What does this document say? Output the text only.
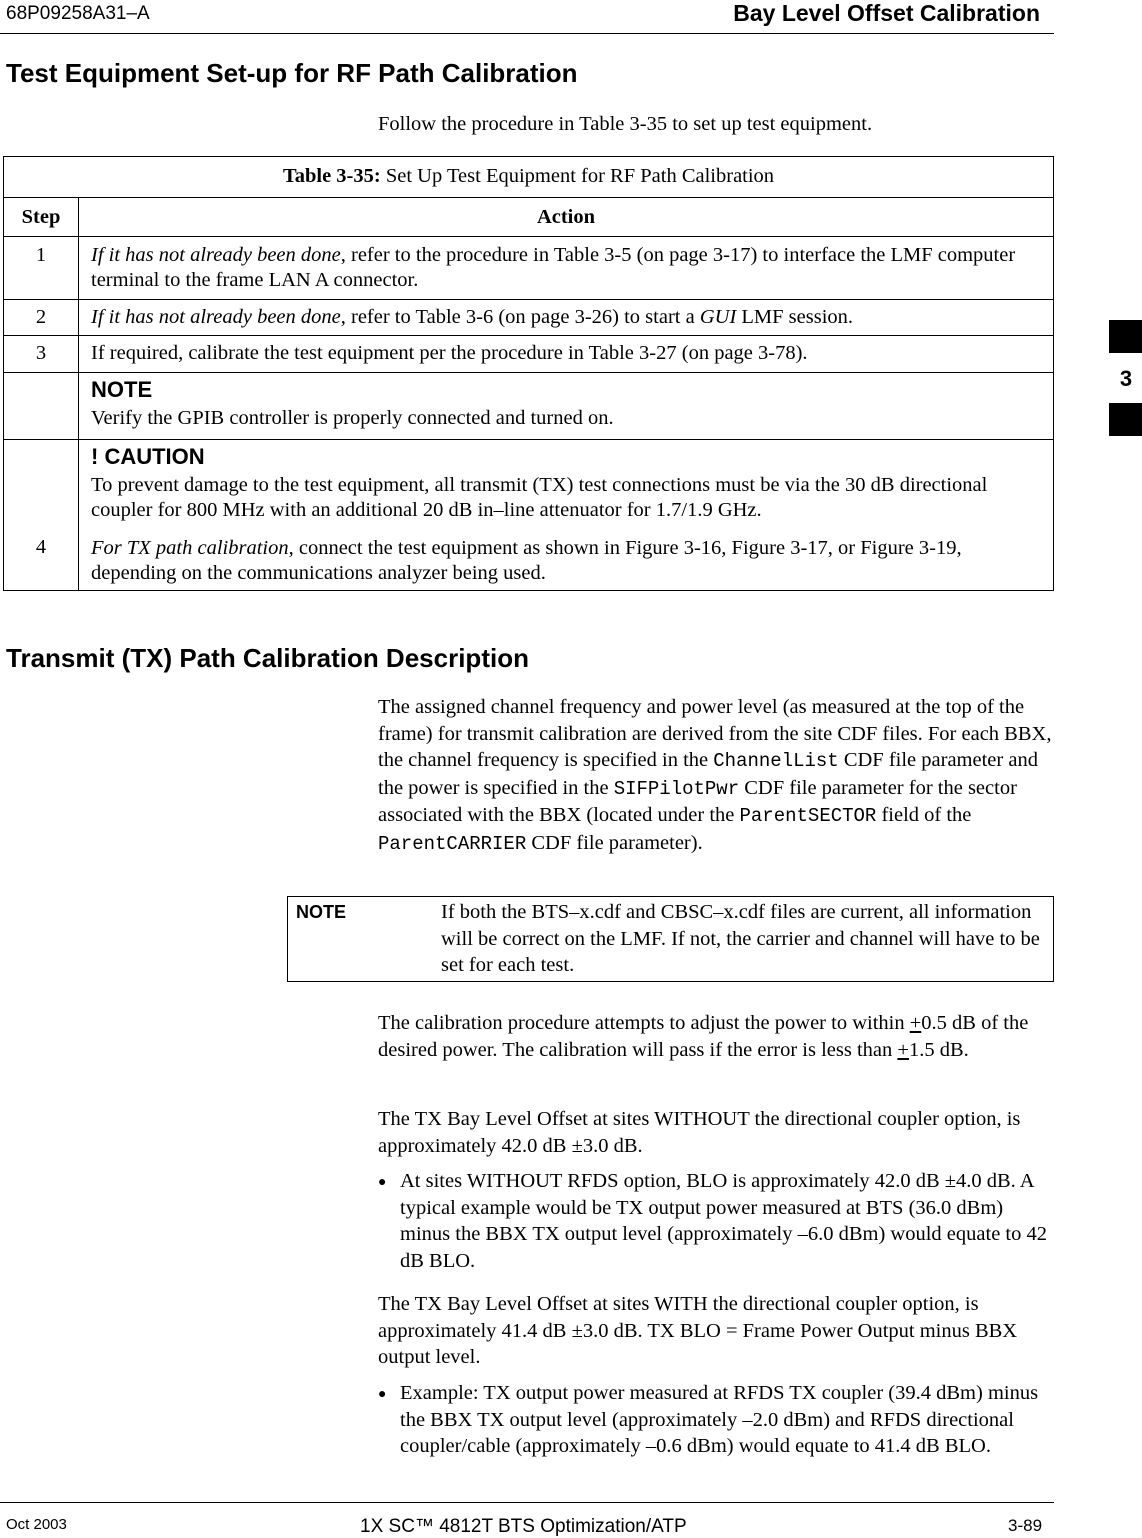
68P09258A31–A	Bay Level Offset Calibration
Test Equipment Set-up for RF Path Calibration
Follow the procedure in Table 3-35 to set up test equipment.
Table 3-35: Set Up Test Equipment for RF Path Calibration	
Step	Action
1	If it has not already been done, refer to the procedure in Table 3-5 (on page 3-17) to interface the LMF computer terminal to the frame LAN A connector.
2	If it has not already been done, refer to Table 3-6 (on page 3-26) to start a GUI LMF session.
3	If required, calibrate the test equipment per the procedure in Table 3-27 (on page 3-78).

	NOTE
Verify the GPIB controller is properly connected and turned on.

4	! CAUTION
To prevent damage to the test equipment, all transmit (TX) test connections must be via the 30 dB directional coupler for 800 MHz with an additional 20 dB in–line attenuator for 1.7/1.9 GHz.
For TX path calibration, connect the test equipment as shown in Figure 3-16, Figure 3-17, or Figure 3-19, depending on the communications analyzer being used.
Transmit (TX) Path Calibration Description
The assigned channel frequency and power level (as measured at the top of the frame) for transmit calibration are derived from the site CDF files. For each BBX, the channel frequency is specified in the ChannelList CDF file parameter and the power is specified in the SIFPilotPwr CDF file parameter for the sector associated with the BBX (located under the ParentSECTOR field of the ParentCARRIER CDF file parameter).
NOTE	If both the BTS–x.cdf and CBSC–x.cdf files are current, all information will be correct on the LMF. If not, the carrier and channel will have to be set for each test.
The calibration procedure attempts to adjust the power to within +0.5 dB of the desired power. The calibration will pass if the error is less than +1.5 dB.
The TX Bay Level Offset at sites WITHOUT the directional coupler option, is approximately 42.0 dB ±3.0 dB.
● At sites WITHOUT RFDS option, BLO is approximately 42.0 dB ±4.0 dB. A typical example would be TX output power measured at BTS (36.0 dBm) minus the BBX TX output level (approximately –6.0 dBm) would equate to 42 dB BLO.
The TX Bay Level Offset at sites WITH the directional coupler option, is approximately 41.4 dB ±3.0 dB. TX BLO = Frame Power Output minus BBX output level.
● Example: TX output power measured at RFDS TX coupler (39.4 dBm) minus the BBX TX output level (approximately –2.0 dBm) and RFDS directional coupler/cable (approximately –0.6 dBm) would equate to 41.4 dB BLO.
Oct 2003	1X SC™ 4812T BTS Optimization/ATP	3-89
3
